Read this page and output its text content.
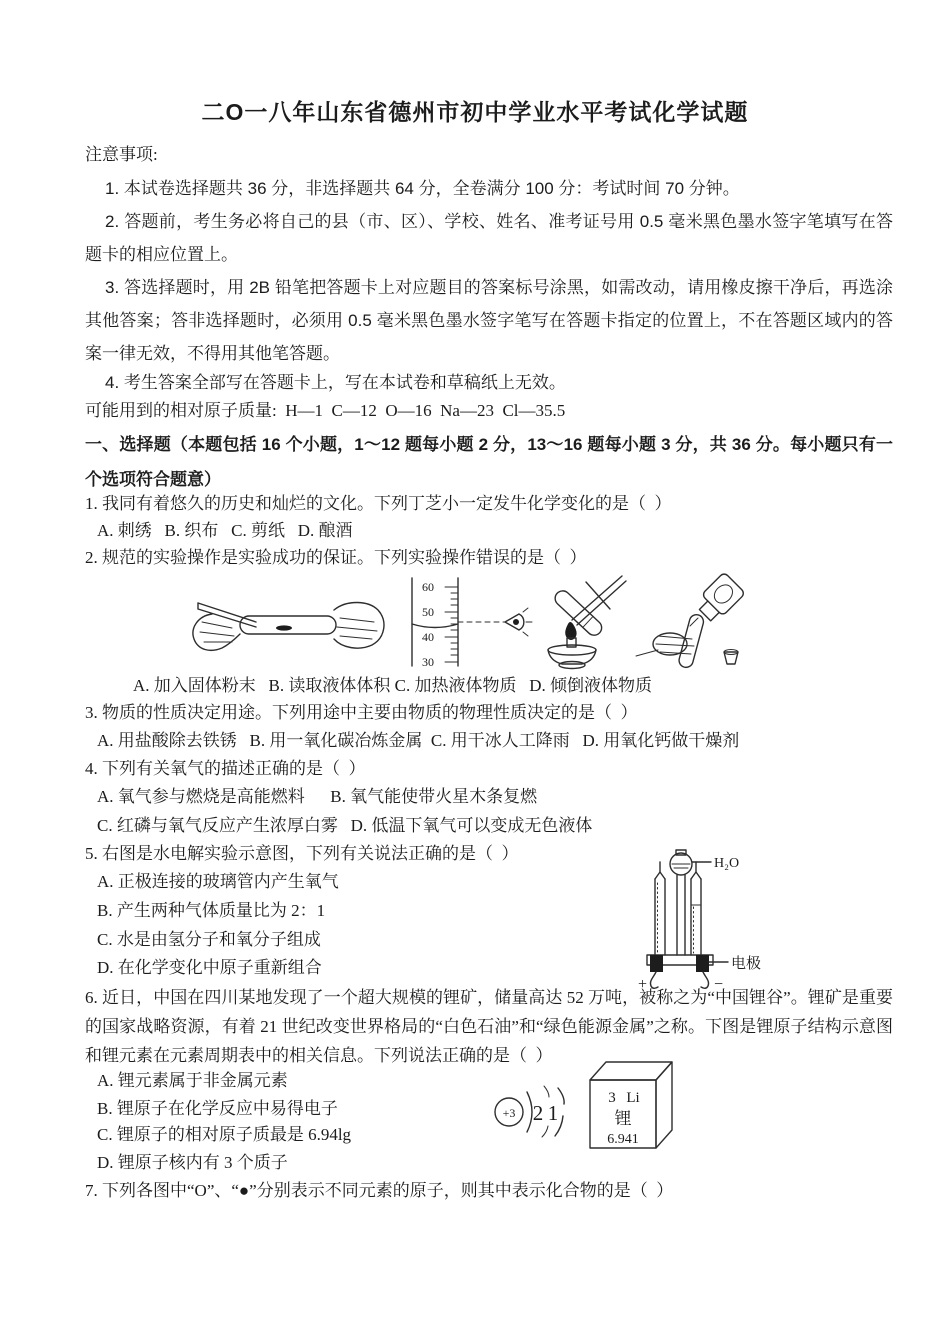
二O一八年山东省德州市初中学业水平考试化学试题
注意事项:
1. 本试卷选择题共 36 分，非选择题共 64 分，全卷满分 100 分：考试时间 70 分钟。
2. 答题前，考生务必将自己的县（市、区）、学校、姓名、准考证号用 0.5 毫米黑色墨水签字笔填写在答题卡的相应位置上。
3. 答选择题时，用 2B 铅笔把答题卡上对应题目的答案标号涂黑，如需改动，请用橡皮擦干净后，再选涂其他答案；答非选择题时，必须用 0.5 毫米黑色墨水签字笔写在答题卡指定的位置上，不在答题区域内的答案一律无效，不得用其他笔答题。
4. 考生答案全部写在答题卡上，写在本试卷和草稿纸上无效。
可能用到的相对原子质量:  H—1  C—12  O—16  Na—23  Cl—35.5
一、选择题（本题包括 16 个小题，1～12 题每小题 2 分，13～16 题每小题 3 分，共 36 分。每小题只有一个选项符合题意）
1. 我同有着悠久的历史和灿烂的文化。下列丁芝小一定发牛化学变化的是（  ）
A. 刺绣   B. 织布   C. 剪纸   D. 酿酒
2. 规范的实验操作是实验成功的保证。下列实验操作错误的是（  ）
60
50
40
30
A. 加入固体粉末   B. 读取液体体积 C. 加热液体物质   D. 倾倒液体物质
3. 物质的性质决定用途。下列用途中主要由物质的物理性质决定的是（  ）
A. 用盐酸除去铁锈   B. 用一氧化碳冶炼金属  C. 用干冰人工降雨   D. 用氧化钙做干燥剂
4. 下列有关氧气的描述正确的是（  ）
A. 氧气参与燃烧是高能燃料      B. 氧气能使带火星木条复燃
C. 红磷与氧气反应产生浓厚白雾   D. 低温下氧气可以变成无色液体
5. 右图是水电解实验示意图，下列有关说法正确的是（  ）
A. 正极连接的玻璃管内产生氧气
B. 产生两种气体质量比为 2：1
C. 水是由氢分子和氧分子组成
D. 在化学变化中原子重新组合
+	−
H₂O
电极
6. 近日，中国在四川某地发现了一个超大规模的锂矿，储量高达 52 万吨，被称之为“中国锂谷”。锂矿是重要的国家战略资源，有着 21 世纪改变世界格局的“白色石油”和“绿色能源金属”之称。下图是锂原子结构示意图和锂元素在元素周期表中的相关信息。下列说法正确的是（  ）
A. 锂元素属于非金属元素
B. 锂原子在化学反应中易得电子
C. 锂原子的相对原子质最是 6.94lg
D. 锂原子核内有 3 个质子
+3 2 1
3 Li
锂
6.941
7. 下列各图中“O”、“●”分别表示不同元素的原子，则其中表示化合物的是（  ）
